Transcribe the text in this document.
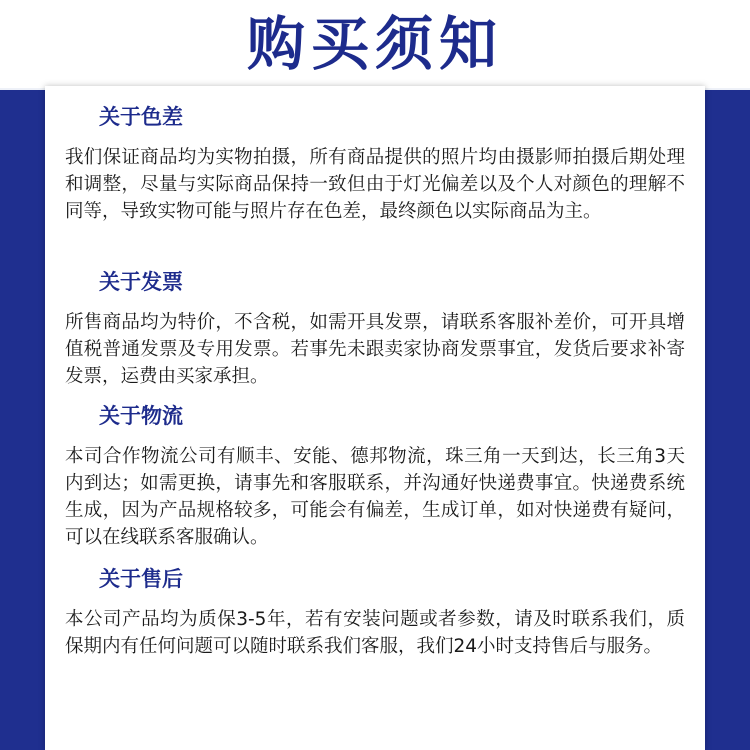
购买须知
关于色差
我们保证商品均为实物拍摄，所有商品提供的照片均由摄影师拍摄后期处理和调整，尽量与实际商品保持一致但由于灯光偏差以及个人对颜色的理解不同等，导致实物可能与照片存在色差，最终颜色以实际商品为主。
关于发票
所售商品均为特价，不含税，如需开具发票，请联系客服补差价，可开具增值税普通发票及专用发票。若事先未跟卖家协商发票事宜，发货后要求补寄发票，运费由买家承担。
关于物流
本司合作物流公司有顺丰、安能、德邦物流，珠三角一天到达，长三角3天内到达；如需更换，请事先和客服联系，并沟通好快递费事宜。快递费系统生成，因为产品规格较多，可能会有偏差，生成订单，如对快递费有疑问，可以在线联系客服确认。
关于售后
本公司产品均为质保3-5年，若有安装问题或者参数，请及时联系我们，质保期内有任何问题可以随时联系我们客服，我们24小时支持售后与服务。
